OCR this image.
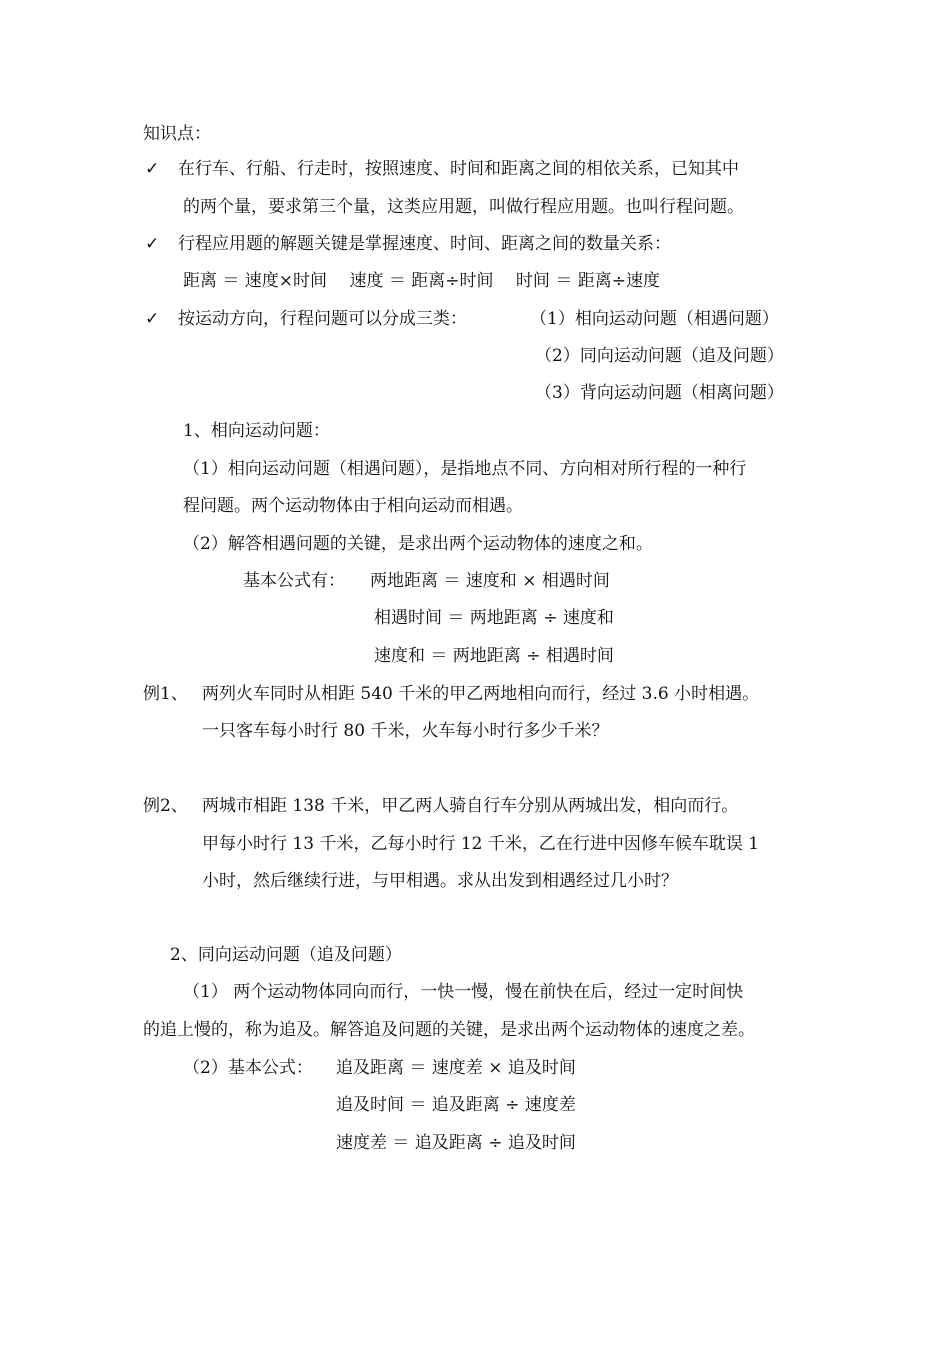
知识点：
✓ 在行车、行船、行走时，按照速度、时间和距离之间的相依关系，已知其中
的两个量，要求第三个量，这类应用题，叫做行程应用题。也叫行程问题。
✓ 行程应用题的解题关键是掌握速度、时间、距离之间的数量关系：
距离 ＝ 速度×时间　 速度 ＝ 距离÷时间　 时间 ＝ 距离÷速度
✓ 按运动方向，行程问题可以分成三类：	（1）相向运动问题（相遇问题）
（2）同向运动问题（追及问题）
（3）背向运动问题（相离问题）
1、相向运动问题：
（1）相向运动问题（相遇问题），是指地点不同、方向相对所行程的一种行
程问题。两个运动物体由于相向运动而相遇。
（2）解答相遇问题的关键，是求出两个运动物体的速度之和。
基本公式有： 两地距离 ＝ 速度和 × 相遇时间
相遇时间 ＝ 两地距离 ÷ 速度和
速度和 ＝ 两地距离 ÷ 相遇时间
例1、 两列火车同时从相距 540 千米的甲乙两地相向而行，经过 3.6 小时相遇。
一只客车每小时行 80 千米，火车每小时行多少千米？
例2、 两城市相距 138 千米，甲乙两人骑自行车分别从两城出发，相向而行。
甲每小时行 13 千米，乙每小时行 12 千米，乙在行进中因修车候车耽误 1
小时，然后继续行进，与甲相遇。求从出发到相遇经过几小时？
2、同向运动问题（追及问题）
（1） 两个运动物体同向而行，一快一慢，慢在前快在后，经过一定时间快
的追上慢的，称为追及。解答追及问题的关键，是求出两个运动物体的速度之差。
（2）基本公式： 追及距离 ＝ 速度差 × 追及时间
追及时间 ＝ 追及距离 ÷ 速度差
速度差 ＝ 追及距离 ÷ 追及时间
